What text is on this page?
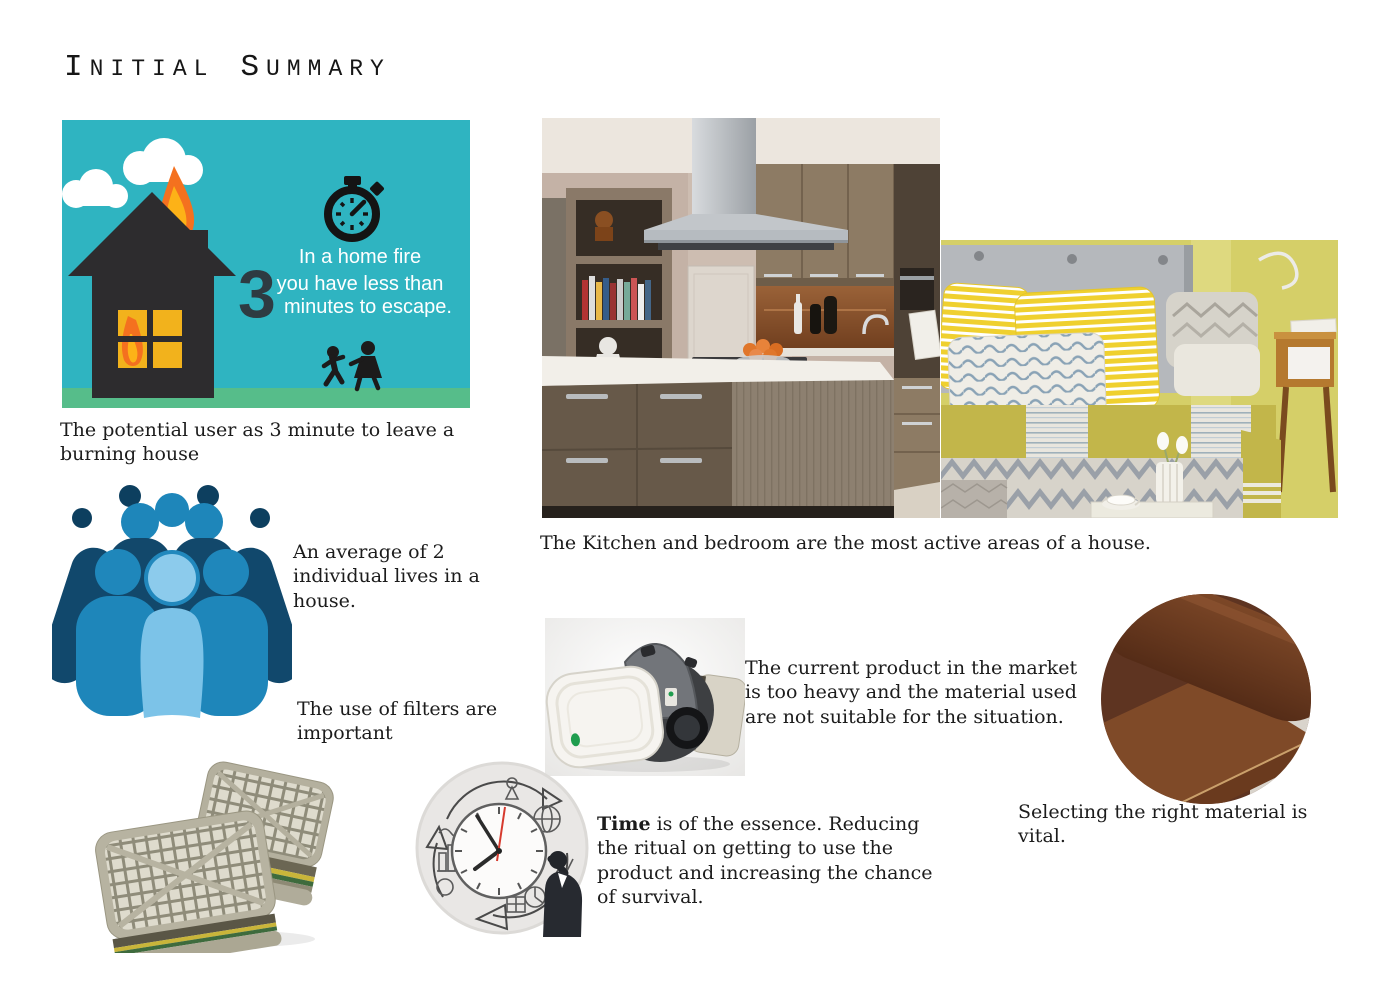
INITIAL SUMMARY
In a home fire
you have less than
3 minutes to escape.
The potential user as 3 minute to leave a burning house
An average of 2 individual lives in a house.
The use of filters are important
The Kitchen and bedroom are the most active areas of a house.
The current product in the market is too heavy and the material used are not suitable for the situation.
Selecting the right material is vital.
Time is of the essence. Reducing the ritual on getting to use the product and increasing the chance of survival.
